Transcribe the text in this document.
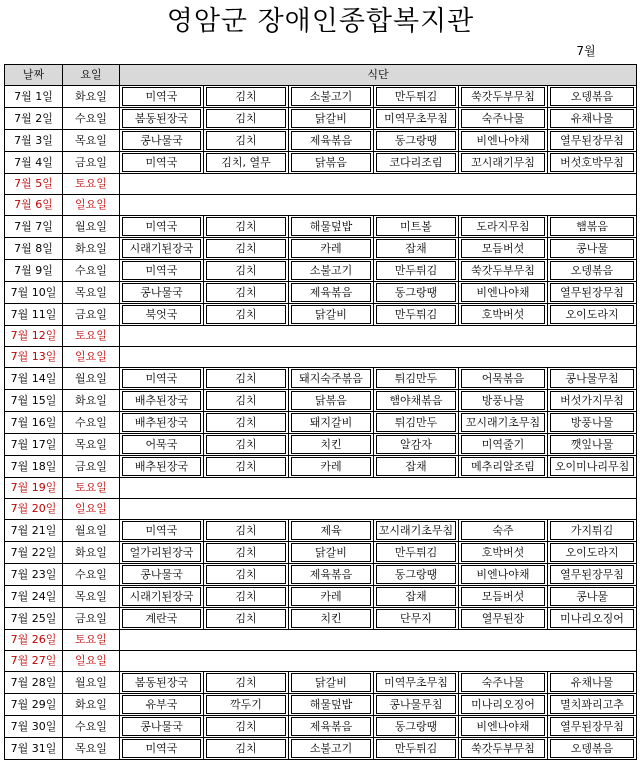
영암군 장애인종합복지관
7월
날짜	요일	식단					
7월 1일	화요일	미역국	김치	소불고기	만두튀김	쑥갓두부무침	오뎅볶음

7월 2일	수요일	봄동된장국	김치	닭갈비	미역무초무침	숙주나물	유채나물

7월 3일	목요일	콩나물국	김치	제육볶음	동그랑땡	비엔나야채	열무된장무침

7월 4일	금요일	미역국	김치, 열무	닭볶음	코다리조림	꼬시래기무침	버섯호박무침

7월 5일	토요일						
7월 6일	일요일						
7월 7일	월요일	미역국	김치	해물덮밥	미트볼	도라지무침	햄볶음

7월 8일	화요일	시래기된장국	김치	카레	잡채	모듬버섯	콩나물

7월 9일	수요일	미역국	김치	소불고기	만두튀김	쑥갓두부무침	오뎅볶음

7월 10일	목요일	콩나물국	김치	제육볶음	동그랑땡	비엔나야채	열무된장무침

7월 11일	금요일	북엇국	김치	닭갈비	만두튀김	호박버섯	오이도라지

7월 12일	토요일						
7월 13일	일요일						
7월 14일	월요일	미역국	김치	돼지숙주볶음	튀김만두	어묵볶음	콩나물무침

7월 15일	화요일	배추된장국	김치	닭볶음	햄야채볶음	방풍나물	버섯가지무침

7월 16일	수요일	배추된장국	김치	돼지갈비	튀김만두	꼬시래기초무침	방풍나물

7월 17일	목요일	어묵국	김치	치킨	알감자	미역줄기	깻잎나물

7월 18일	금요일	배추된장국	김치	카레	잡채	메추리알조림	오이미나리무침

7월 19일	토요일						
7월 20일	일요일						
7월 21일	월요일	미역국	김치	제육	꼬시래기초무침	숙주	가지튀김

7월 22일	화요일	얼가리된장국	김치	닭갈비	만두튀김	호박버섯	오이도라지

7월 23일	수요일	콩나물국	김치	제육볶음	동그랑땡	비엔나야채	열무된장무침

7월 24일	목요일	시래기된장국	김치	카레	잡채	모듬버섯	콩나물

7월 25일	금요일	계란국	김치	치킨	단무지	열무된장	미나리오징어

7월 26일	토요일						
7월 27일	일요일						
7월 28일	월요일	봄동된장국	김치	닭갈비	미역무초무침	숙주나물	유채나물

7월 29일	화요일	유부국	깍두기	해물덮밥	콩나물무침	미나리오징어	멸치꽈리고추

7월 30일	수요일	콩나물국	김치	제육볶음	동그랑땡	비엔나야채	열무된장무침

7월 31일	목요일	미역국	김치	소불고기	만두튀김	쑥갓두부무침	오뎅볶음
